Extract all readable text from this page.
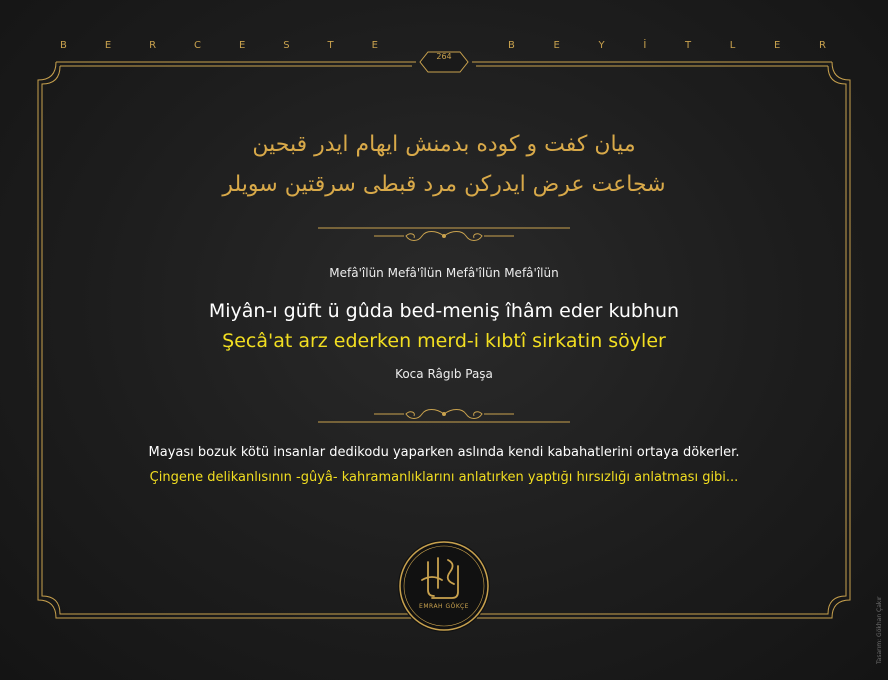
B	E	R	C	E	S	T	E	B	E	Y	İ	T	L	E	R
264
میان کفت و کوده بدمنش ایهام ایدر قبحین
شجاعت عرض ایدرکن مرد قبطی سرقتین سویلر
Mefâ'îlün Mefâ'îlün Mefâ'îlün Mefâ'îlün
Miyân-ı güft ü gûda bed-meniş îhâm eder kubhun
Şecâ'at arz ederken merd-i kıbtî sirkatin söyler
Koca Râgıb Paşa
Mayası bozuk kötü insanlar dedikodu yaparken aslında kendi kabahatlerini ortaya dökerler.
Çingene delikanlısının -gûyâ- kahramanlıklarını anlatırken yaptığı hırsızlığı anlatması gibi...
EMRAH GÖKÇE	Tasarım: Gökhan Çakır
